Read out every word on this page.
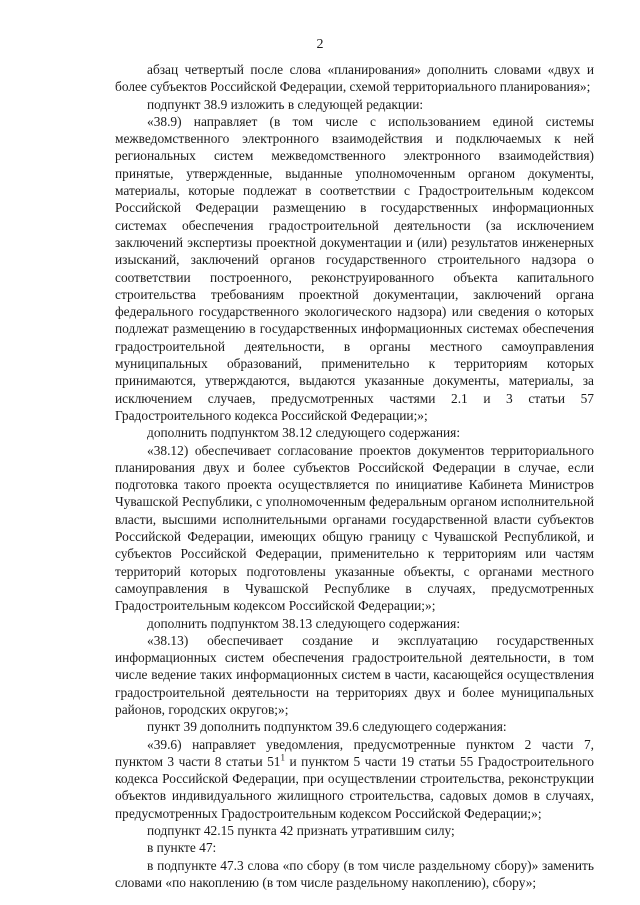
2

абзац четвертый после слова «планирования» дополнить словами «двух и более субъектов Российской Федерации, схемой территориального планирования»;

подпункт 38.9 изложить в следующей редакции:

«38.9) направляет (в том числе с использованием единой системы межведомственного электронного взаимодействия и подключаемых к ней региональных систем межведомственного электронного взаимодействия) принятые, утвержденные, выданные уполномоченным органом документы, материалы, которые подлежат в соответствии с Градостроительным кодексом Российской Федерации размещению в государственных информационных системах обеспечения градостроительной деятельности (за исключением заключений экспертизы проектной документации и (или) результатов инженерных изысканий, заключений органов государственного строительного надзора о соответствии построенного, реконструированного объекта капитального строительства требованиям проектной документации, заключений органа федерального государственного экологического надзора) или сведения о которых подлежат размещению в государственных информационных системах обеспечения градостроительной деятельности, в органы местного самоуправления муниципальных образований, применительно к территориям которых принимаются, утверждаются, выдаются указанные документы, материалы, за исключением случаев, предусмотренных частями 2.1 и 3 статьи 57 Градостроительного кодекса Российской Федерации;»;

дополнить подпунктом 38.12 следующего содержания:

«38.12) обеспечивает согласование проектов документов территориального планирования двух и более субъектов Российской Федерации в случае, если подготовка такого проекта осуществляется по инициативе Кабинета Министров Чувашской Республики, с уполномоченным федеральным органом исполнительной власти, высшими исполнительными органами государственной власти субъектов Российской Федерации, имеющих общую границу с Чувашской Республикой, и субъектов Российской Федерации, применительно к территориям или частям территорий которых подготовлены указанные объекты, с органами местного самоуправления в Чувашской Республике в случаях, предусмотренных Градостроительным кодексом Российской Федерации;»;

дополнить подпунктом 38.13 следующего содержания:

«38.13) обеспечивает создание и эксплуатацию государственных информационных систем обеспечения градостроительной деятельности, в том числе ведение таких информационных систем в части, касающейся осуществления градостроительной деятельности на территориях двух и более муниципальных районов, городских округов;»;

пункт 39 дополнить подпунктом 39.6 следующего содержания:

«39.6) направляет уведомления, предусмотренные пунктом 2 части 7, пунктом 3 части 8 статьи $51^1$ и пунктом 5 части 19 статьи 55 Градостроительного кодекса Российской Федерации, при осуществлении строительства, реконструкции объектов индивидуального жилищного строительства, садовых домов в случаях, предусмотренных Градостроительным кодексом Российской Федерации;»;

подпункт 42.15 пункта 42 признать утратившим силу;

в пункте 47:

в подпункте 47.3 слова «по сбору (в том числе раздельному сбору)» заменить словами «по накоплению (в том числе раздельному накоплению), сбору»;
